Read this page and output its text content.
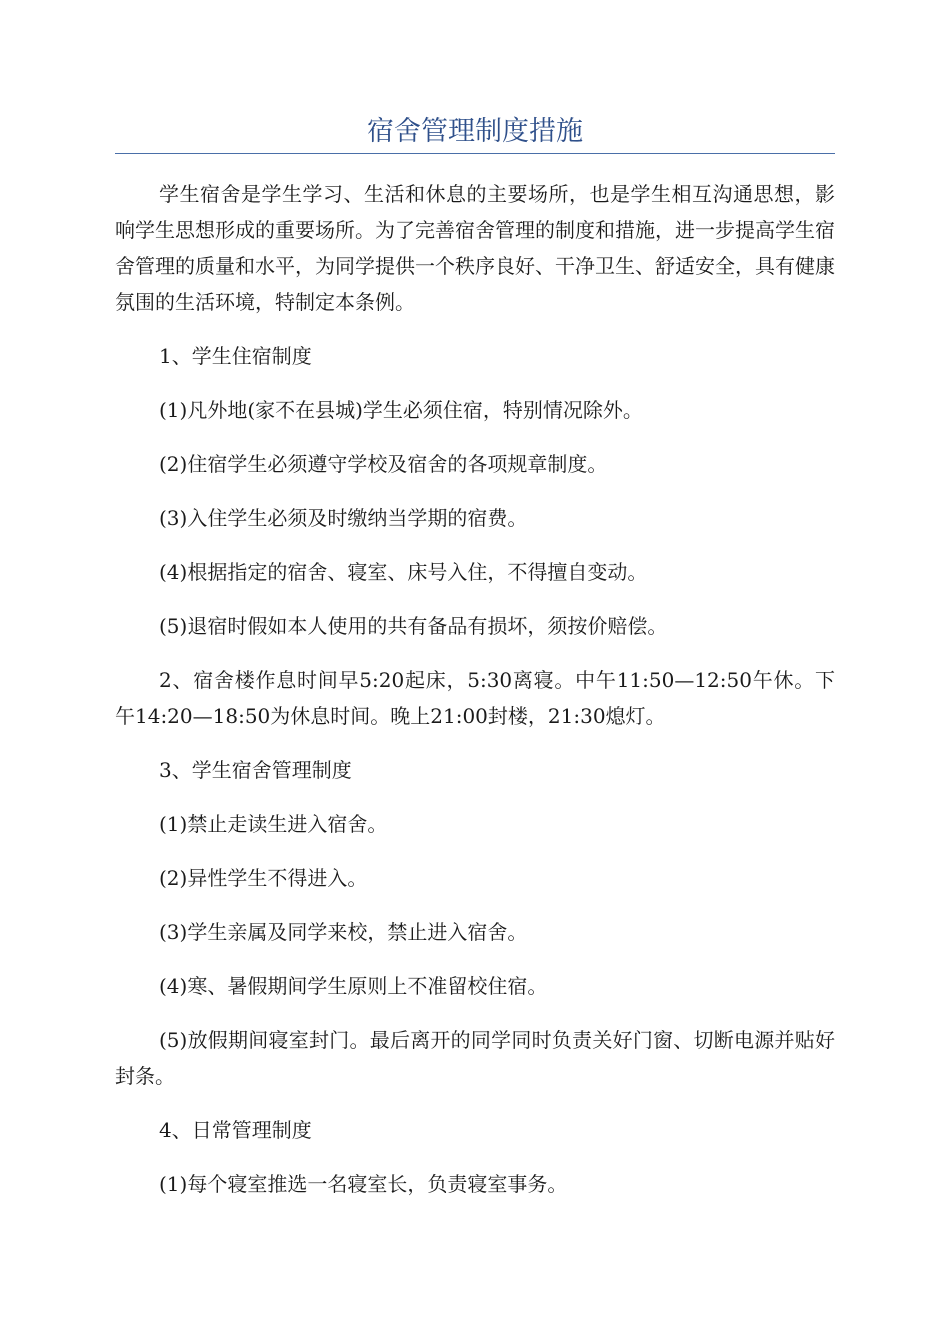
宿舍管理制度措施

学生宿舍是学生学习、生活和休息的主要场所，也是学生相互沟通思想，影响学生思想形成的重要场所。为了完善宿舍管理的制度和措施，进一步提高学生宿舍管理的质量和水平，为同学提供一个秩序良好、干净卫生、舒适安全，具有健康氛围的生活环境，特制定本条例。

1、学生住宿制度

(1)凡外地(家不在县城)学生必须住宿，特别情况除外。

(2)住宿学生必须遵守学校及宿舍的各项规章制度。

(3)入住学生必须及时缴纳当学期的宿费。

(4)根据指定的宿舍、寝室、床号入住，不得擅自变动。

(5)退宿时假如本人使用的共有备品有损坏，须按价赔偿。

2、宿舍楼作息时间早5:20起床，5:30离寝。中午11:50—12:50午休。下午14:20—18:50为休息时间。晚上21:00封楼，21:30熄灯。

3、学生宿舍管理制度

(1)禁止走读生进入宿舍。

(2)异性学生不得进入。

(3)学生亲属及同学来校，禁止进入宿舍。

(4)寒、暑假期间学生原则上不准留校住宿。

(5)放假期间寝室封门。最后离开的同学同时负责关好门窗、切断电源并贴好封条。

4、日常管理制度

(1)每个寝室推选一名寝室长，负责寝室事务。
